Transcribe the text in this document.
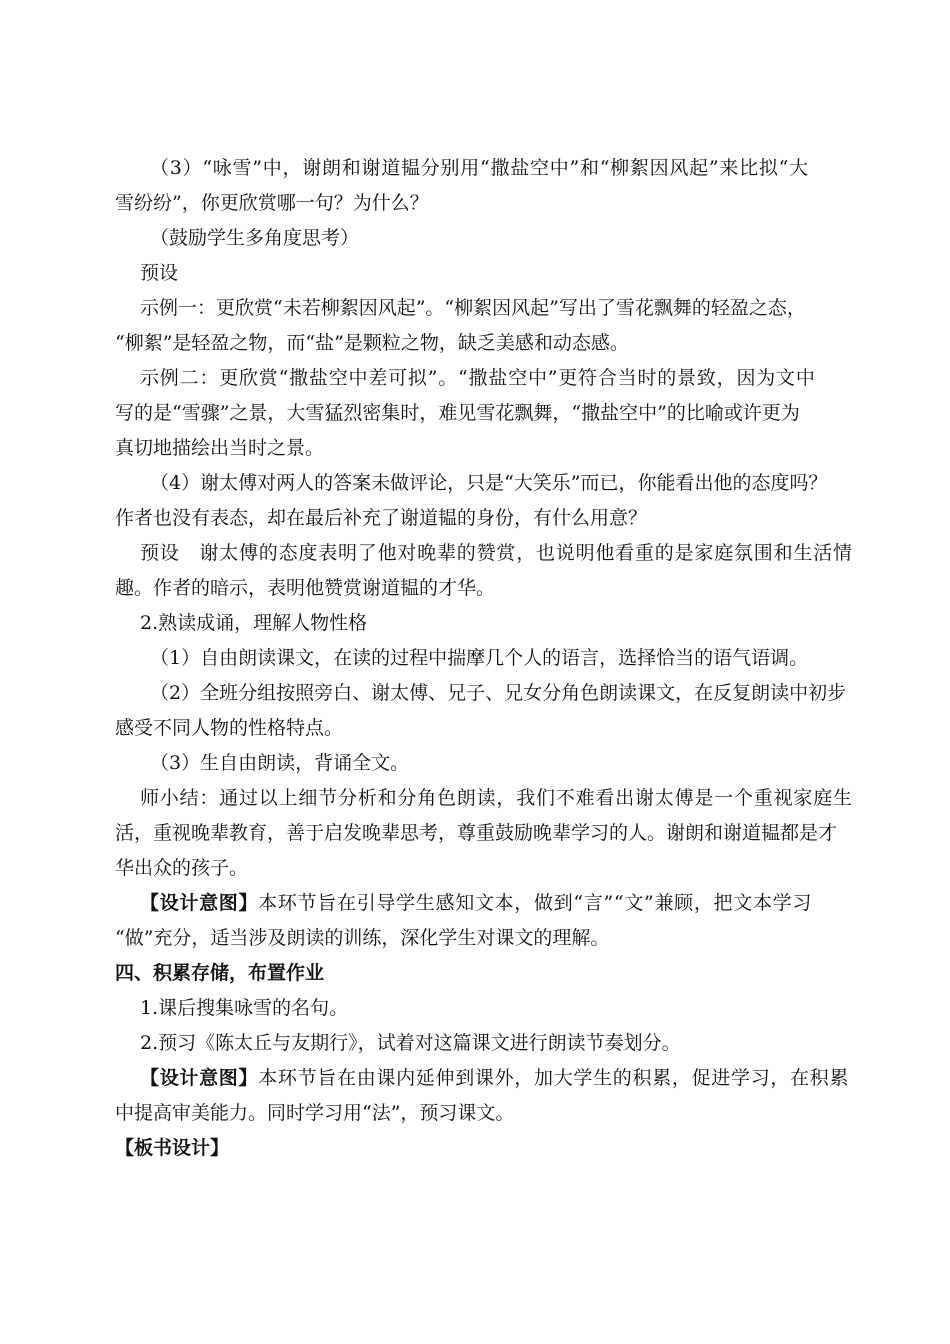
（3）“咏雪”中，谢朗和谢道韫分别用“撒盐空中”和“柳絮因风起”来比拟“大
雪纷纷”，你更欣赏哪一句？为什么？
（鼓励学生多角度思考）
预设
示例一：更欣赏“未若柳絮因风起”。“柳絮因风起”写出了雪花飘舞的轻盈之态，
“柳絮”是轻盈之物，而“盐”是颗粒之物，缺乏美感和动态感。
示例二：更欣赏“撒盐空中差可拟”。“撒盐空中”更符合当时的景致，因为文中
写的是“雪骤”之景，大雪猛烈密集时，难见雪花飘舞，“撒盐空中”的比喻或许更为
真切地描绘出当时之景。
（4）谢太傅对两人的答案未做评论，只是“大笑乐”而已，你能看出他的态度吗？
作者也没有表态，却在最后补充了谢道韫的身份，有什么用意？
预设　谢太傅的态度表明了他对晚辈的赞赏，也说明他看重的是家庭氛围和生活情
趣。作者的暗示，表明他赞赏谢道韫的才华。
2.熟读成诵，理解人物性格
（1）自由朗读课文，在读的过程中揣摩几个人的语言，选择恰当的语气语调。
（2）全班分组按照旁白、谢太傅、兄子、兄女分角色朗读课文，在反复朗读中初步
感受不同人物的性格特点。
（3）生自由朗读，背诵全文。
师小结：通过以上细节分析和分角色朗读，我们不难看出谢太傅是一个重视家庭生
活，重视晚辈教育，善于启发晚辈思考，尊重鼓励晚辈学习的人。谢朗和谢道韫都是才
华出众的孩子。
【设计意图】本环节旨在引导学生感知文本，做到“言”“文”兼顾，把文本学习
“做”充分，适当涉及朗读的训练，深化学生对课文的理解。
四、积累存储，布置作业
1.课后搜集咏雪的名句。
2.预习《陈太丘与友期行》，试着对这篇课文进行朗读节奏划分。
【设计意图】本环节旨在由课内延伸到课外，加大学生的积累，促进学习，在积累
中提高审美能力。同时学习用“法”，预习课文。
【板书设计】
